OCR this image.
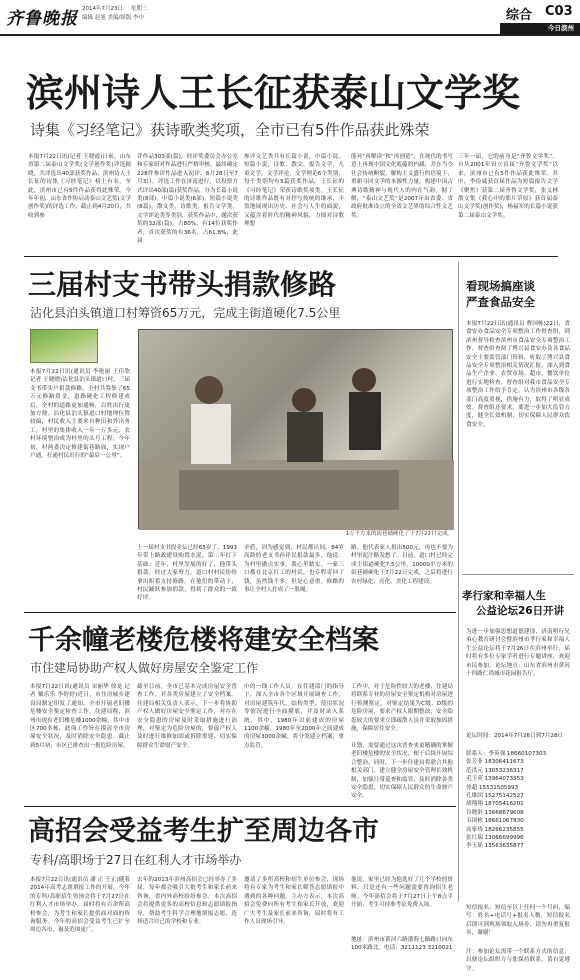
齐鲁晚报 2014年7月23日 星期三
编辑 赵旭 美编/组版 李中	综合 C03
今日滨州
滨州诗人王长征获泰山文学奖
诗集《习经笔记》获诗歌类奖项，全市已有5件作品获此殊荣
本报7月22日讯(记者 王晓霞)日前，山东省第二届泰山文学奖(文学创作奖)评选揭晓，共评选出40部获奖作品，滨州诗人王长征的诗集《习经笔记》榜上有名，至此，滨州市已有5件作品获得此殊荣。今年年初，山东省作协启动泰山文艺奖(文学创作奖)的评选工作，截止到4月20日，共收到参
评作品303部(篇)，经评奖委员会办公室和专家组对作品进行严格审核，最终确定228件参评作品进入初评，6月28日至7月3日，评选工作在济南进行，以投票方式评出40部(篇)获奖作品，分为长篇小说类(8部)，中篇小说类(6部)，短篇小说类(8篇)，散文类，诗歌类，报告文学类，文学评论类等类别，获奖作品中，题次获奖的32部(篇)，占80%，有14位获奖作者，首次获奖的有36名，占61.8%，此届
参评文艺类共有长篇小说，中篇小说，短篇小说，诗歌，散文，报告文学，儿童文学，文学评论，文学理论6个类别，每个类别均有5篇获奖作品。王长征的《习经笔记》荣获诗歌奖项类。王长征的诗歌作品既有对抒写传统的继承，丰盈地展现出历史、社会与人生的面貌，又蕴含着时代的精神风貌，力图对诗歌理想
能对“再解读”和“再创造”，在现代的书写意上再现中国文化底蕴的内涵，并在当今社会传统断裂，解构主义盛行的语境下，重新寻回文学的本源性力量，构建中国古典诗歌精神与现代人的内在气韵。据了解，“泰山文艺奖”是2007年由省委、省政府批准设立的全省文艺界的综合性文艺奖。
三年一届，它的前身是“齐鲁文学奖”。自从2001年设立首届“齐鲁文学奖”以来，滨州市已有5件作品获此殊荣。其中，李俭诚获首届作品为短篇报告文学《聚焦》获第二届齐鲁文学奖，张义林散文集《我心中的那片草原》获首届泰山文学奖(创作奖)，杨福军的长篇小说获第二届泰山文学奖。
三届村支书带头捐款修路
沾化县泊头镇道口村筹资65万元，完成主街道硬化7.5公里
本报7月22日讯(通讯员 李艳丽 王佳欣 记者 王晓晓)沾化县泊头镇道口村，三届支书带头户捐款修路，全村共筹集了65万元修路资金，道路硬化工程修建成后，全村的道路更加通畅，百姓出行更加方便。沾化县泊头镇道口村地理位置较偏，村民收入主要来自种田和外出务工，村里的集体收入一年一万多元，农村环境整治成为村里的头号工程。今年初，村两委决定修建街巷路面，实现户户通，打通村民出行的“最后一公里”。
1万平方米的街巷铺硬化了于7月22日完成。
上一届村支书段金坛已经65岁了，1993年带上路政建设购置水泥，第二年打下基础；近年，村里发展的好了，他带头捐款。经过大家努力，道口村村民纷纷拿出积蓄支持修路。在他们的带动下，村民踊跃参加捐款，得到了群众的一致好评。
矛盾，因为感觉到，村民都认同。84岁高龄的老支书孙祥民捐款最多，他说：为村里做点实事，我心里踏实。一家三口都在北京打工的村民，也专程寄回了钱，虽然钱不多，但是心意重。修路的事让全村人拧成了一股绳。
路。他代表家人捐出500元，再也不要为村里泥泞路发愁了。目前，道口村已经完成主街道硬化7.5公里，10000平方米的街巷铺硬化于7月22日完成，之后将进行农村绿化、亮化、美化工程建设。
看现场搞座谈
严查食品安全
本报7月22日讯(通讯员 曹国栋)22日，省食安办食品安全专项整治工作督查组，到滨州督导检查滨州市食品安全专项整治工作。督查组查阅了博兴县食安办及各食品安全主要监管部门资料，听取了博兴县食品安全专项整治相关情况汇报，深入到食品生产企业、农贸市场、超市、餐饮单位进行实地检查。督查组对我市食品安全专项整治工作给予肯定，认为滨州市各级各部门高度重视，措施有力，取得了明显成效。督查组还要求，要进一步加大监管力度，健全长效机制，切实保障人民群众饮食安全。
孝行家和幸福人生
公益论坛26日开讲
为进一步加强思想道德建设，济南明行兄弟心教育研讨会暨滨州市孝行家和幸福人生公益论坛将于7月26日在滨州举行，届时将有多位专家学者进行专题讲座，欢迎市民参加。论坛地点：山东省滨州市黄河十四路仁尚城市花园报告厅。
论坛时间：2014年7月26日到7月28日
联系人：李英强 18660107303
张芳菲 18306411673
范洪元 13053236317
毛玉英 13964073353
徐超 15531505993
孔维国 15275142527
胡翔翔 18705416201
谷晓淇 13668679608
韦国栋 18661067830
高家珍 18266235855
张红瑞 13066699996
李玉瑶 13563635877
短信报名：短信至以上任何一个号码，编写：姓名+电话号+报名人数，短信报名后即可到现场领取入场券，请勿再重复报名，谢谢！
注：参加论坛需带一个联系方式的信息，以便论坛组织方与您保持联系，请自觉遵守。
千余幢老楼危楼将建安全档案
市住建局协助产权人做好房屋安全鉴定工作
本报7月22日讯(通讯员 宋丽华 徐龙 记者 戴乐乐 李婷婷)近日，市住房城乡建设局制定印发了通知，全市开展老旧楼危楼安全鉴定检查工作。住建局称，滨州市现有老旧楼危楼1000余幢，其中市区700多栋，此项工作旨在摸清全市房屋安全状况，及时消除安全隐患。截止到5月初，市区已排查出一批危险房屋。
截至目前，全市已基本完成房屋安全普查工作，对各类房屋建立了安全档案。住建局相关负责人表示，下一步将协助产权人做好房屋安全鉴定工作，对存在安全隐患的房屋及时采取措施进行治理，对鉴定为危险房屋的，督促产权人及时进行维修加固或拆除重建，切实保障群众生命财产安全。
中的一线工作人员，在住建部门的指导下，深入全市各个区域开展调查工作，对房屋建筑年代、结构类型、使用状况等情况进行全面摸底，并及时录入系统。其中，1980年以前建成的房屋1100余幢，1980年至2000年之间建成的房屋3000余幢，将分类建立档案，重点监管。
工作中，对于危险性较大的老楼，住建局将联系专业的房屋安全鉴定机构对房屋进行检测鉴定，对鉴定结果为C级、D级的危险房屋，要求产权人限期整改，安全隐患较大的要求立即疏散人员并采取加固措施，保障居住安全。
计划，需要通过这次普查来更精确的掌握老旧楼危楼的安全状况，便于后续开展综合整治。同时，下一步住建局将联合其他相关部门，建立健全房屋安全管理长效机制，加强日常巡查和监管，及时消除各类安全隐患，切实保障人民群众的生命财产安全。
高招会受益考生扩至周边各市
专科/高职场于27日在红利人才市场举办
本报7月22日讯(通讯员 潘 正 王正)随着2014年高考志愿填报工作的开展，今年的专科/高职招生咨询会将于7月27日在红利人才市场举办，届时将有百余所高校参会，为考生和家长提供面对面的咨询服务。今年的高招会受益考生已扩至周边各市，惠及范围更广。
去年的2013年滨州高招会已经举办了多届，每年都会吸引大批考生和家长前来咨询，省内外高校纷纷参会。本次高招会将提供更多的高校信息和志愿填报指导，帮助考生科学合理地填报志愿，选择适合自己的学校和专业。
邀请了多所高校和招生单位参会，现场将有专家为考生和家长解答志愿填报中遇到的各种问题。主办方表示，本次高招会免费向所有考生和家长开放，欢迎广大考生及家长前来咨询，届时将有工作人员现场引导。
他说，家里已经为他选好了几个学校的资料，只是还有一些问题需要咨询招生老师。今年高招会将于7月27日上午8点半开始，考生可持准考证免费入场。
地址：滨州市黄河六路渤海七路路口向东100米路北。电话：3211123 3210021
